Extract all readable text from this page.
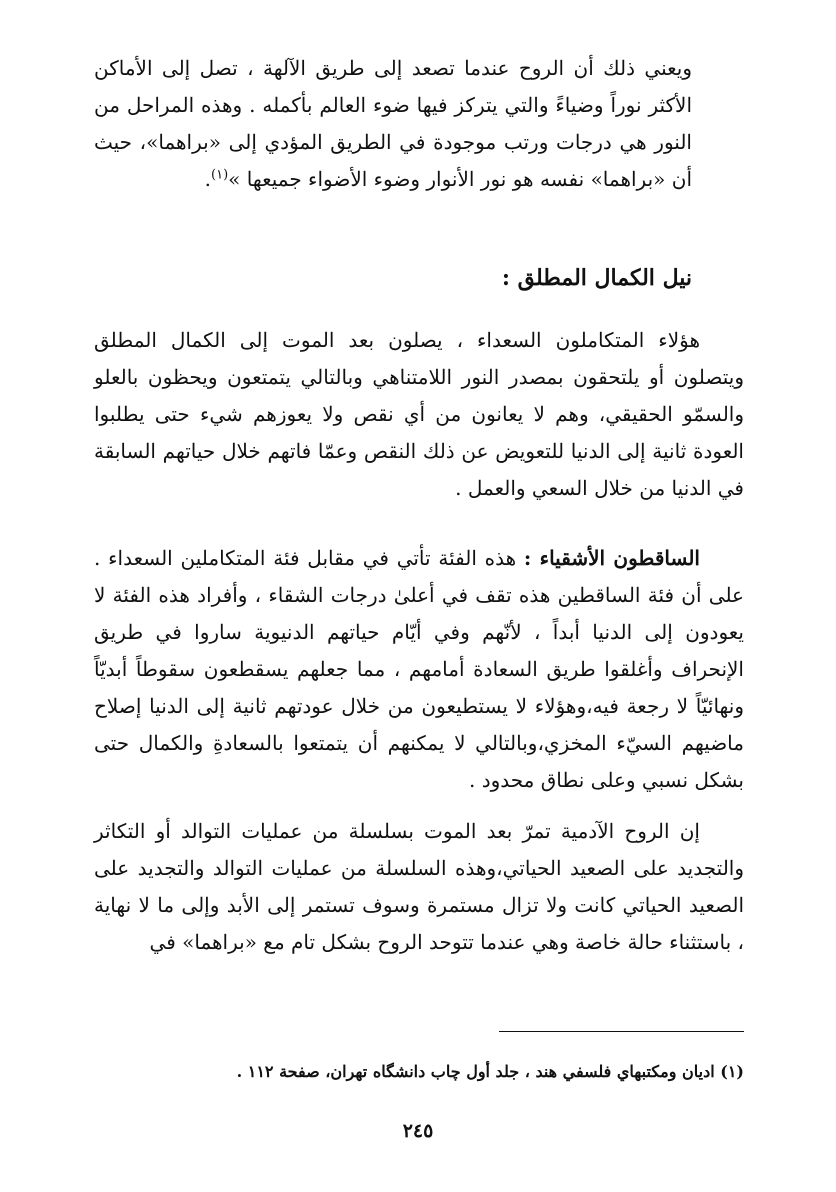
ويعني ذلك أن الروح عندما تصعد إلى طريق الآلهة ، تصل إلى الأماكن الأكثر نوراً وضياءً والتي يتركز فيها ضوء العالم بأكمله . وهذه المراحل من النور هي درجات ورتب موجودة في الطريق المؤدي إلى «براهما»، حيث أن «براهما» نفسه هو نور الأنوار وضوء الأضواء جميعها »$^{(١)}$.

نيل الكمال المطلق :

هؤلاء المتكاملون السعداء ، يصلون بعد الموت إلى الكمال المطلق ويتصلون أو يلتحقون بمصدر النور اللامتناهي وبالتالي يتمتعون ويحظون بالعلو والسمّو الحقيقي، وهم لا يعانون من أي نقص ولا يعوزهم شيء حتى يطلبوا العودة ثانية إلى الدنيا للتعويض عن ذلك النقص وعمّا فاتهم خلال حياتهم السابقة في الدنيا من خلال السعي والعمل .

الساقطون الأشقياء : هذه الفئة تأتي في مقابل فئة المتكاملين السعداء . على أن فئة الساقطين هذه تقف في أعلىٰ درجات الشقاء ، وأفراد هذه الفئة لا يعودون إلى الدنيا أبداً ، لأنّهم وفي أيّام حياتهم الدنيوية ساروا في طريق الإنحراف وأغلقوا طريق السعادة أمامهم ، مما جعلهم يسقطعون سقوطاً أبديّاً ونهائيّاً لا رجعة فيه،وهؤلاء لا يستطيعون من خلال عودتهم ثانية إلى الدنيا إصلاح ماضيهم السيّء المخزي،وبالتالي لا يمكنهم أن يتمتعوا بالسعادةِ والكمال حتى بشكل نسبي وعلى نطاق محدود .

إن الروح الآدمية تمرّ بعد الموت بسلسلة من عمليات التوالد أو التكاثر والتجديد على الصعيد الحياتي،وهذه السلسلة من عمليات التوالد والتجديد على الصعيد الحياتي كانت ولا تزال مستمرة وسوف تستمر إلى الأبد وإلى ما لا نهاية ، باستثناء حالة خاصة وهي عندما تتوحد الروح بشكل تام مع «براهما» في

(١) اديان ومكتبهاي فلسفي هند ، جلد أول چاب دانشگاه تهران، صفحة ١١٢ .
٢٤٥
